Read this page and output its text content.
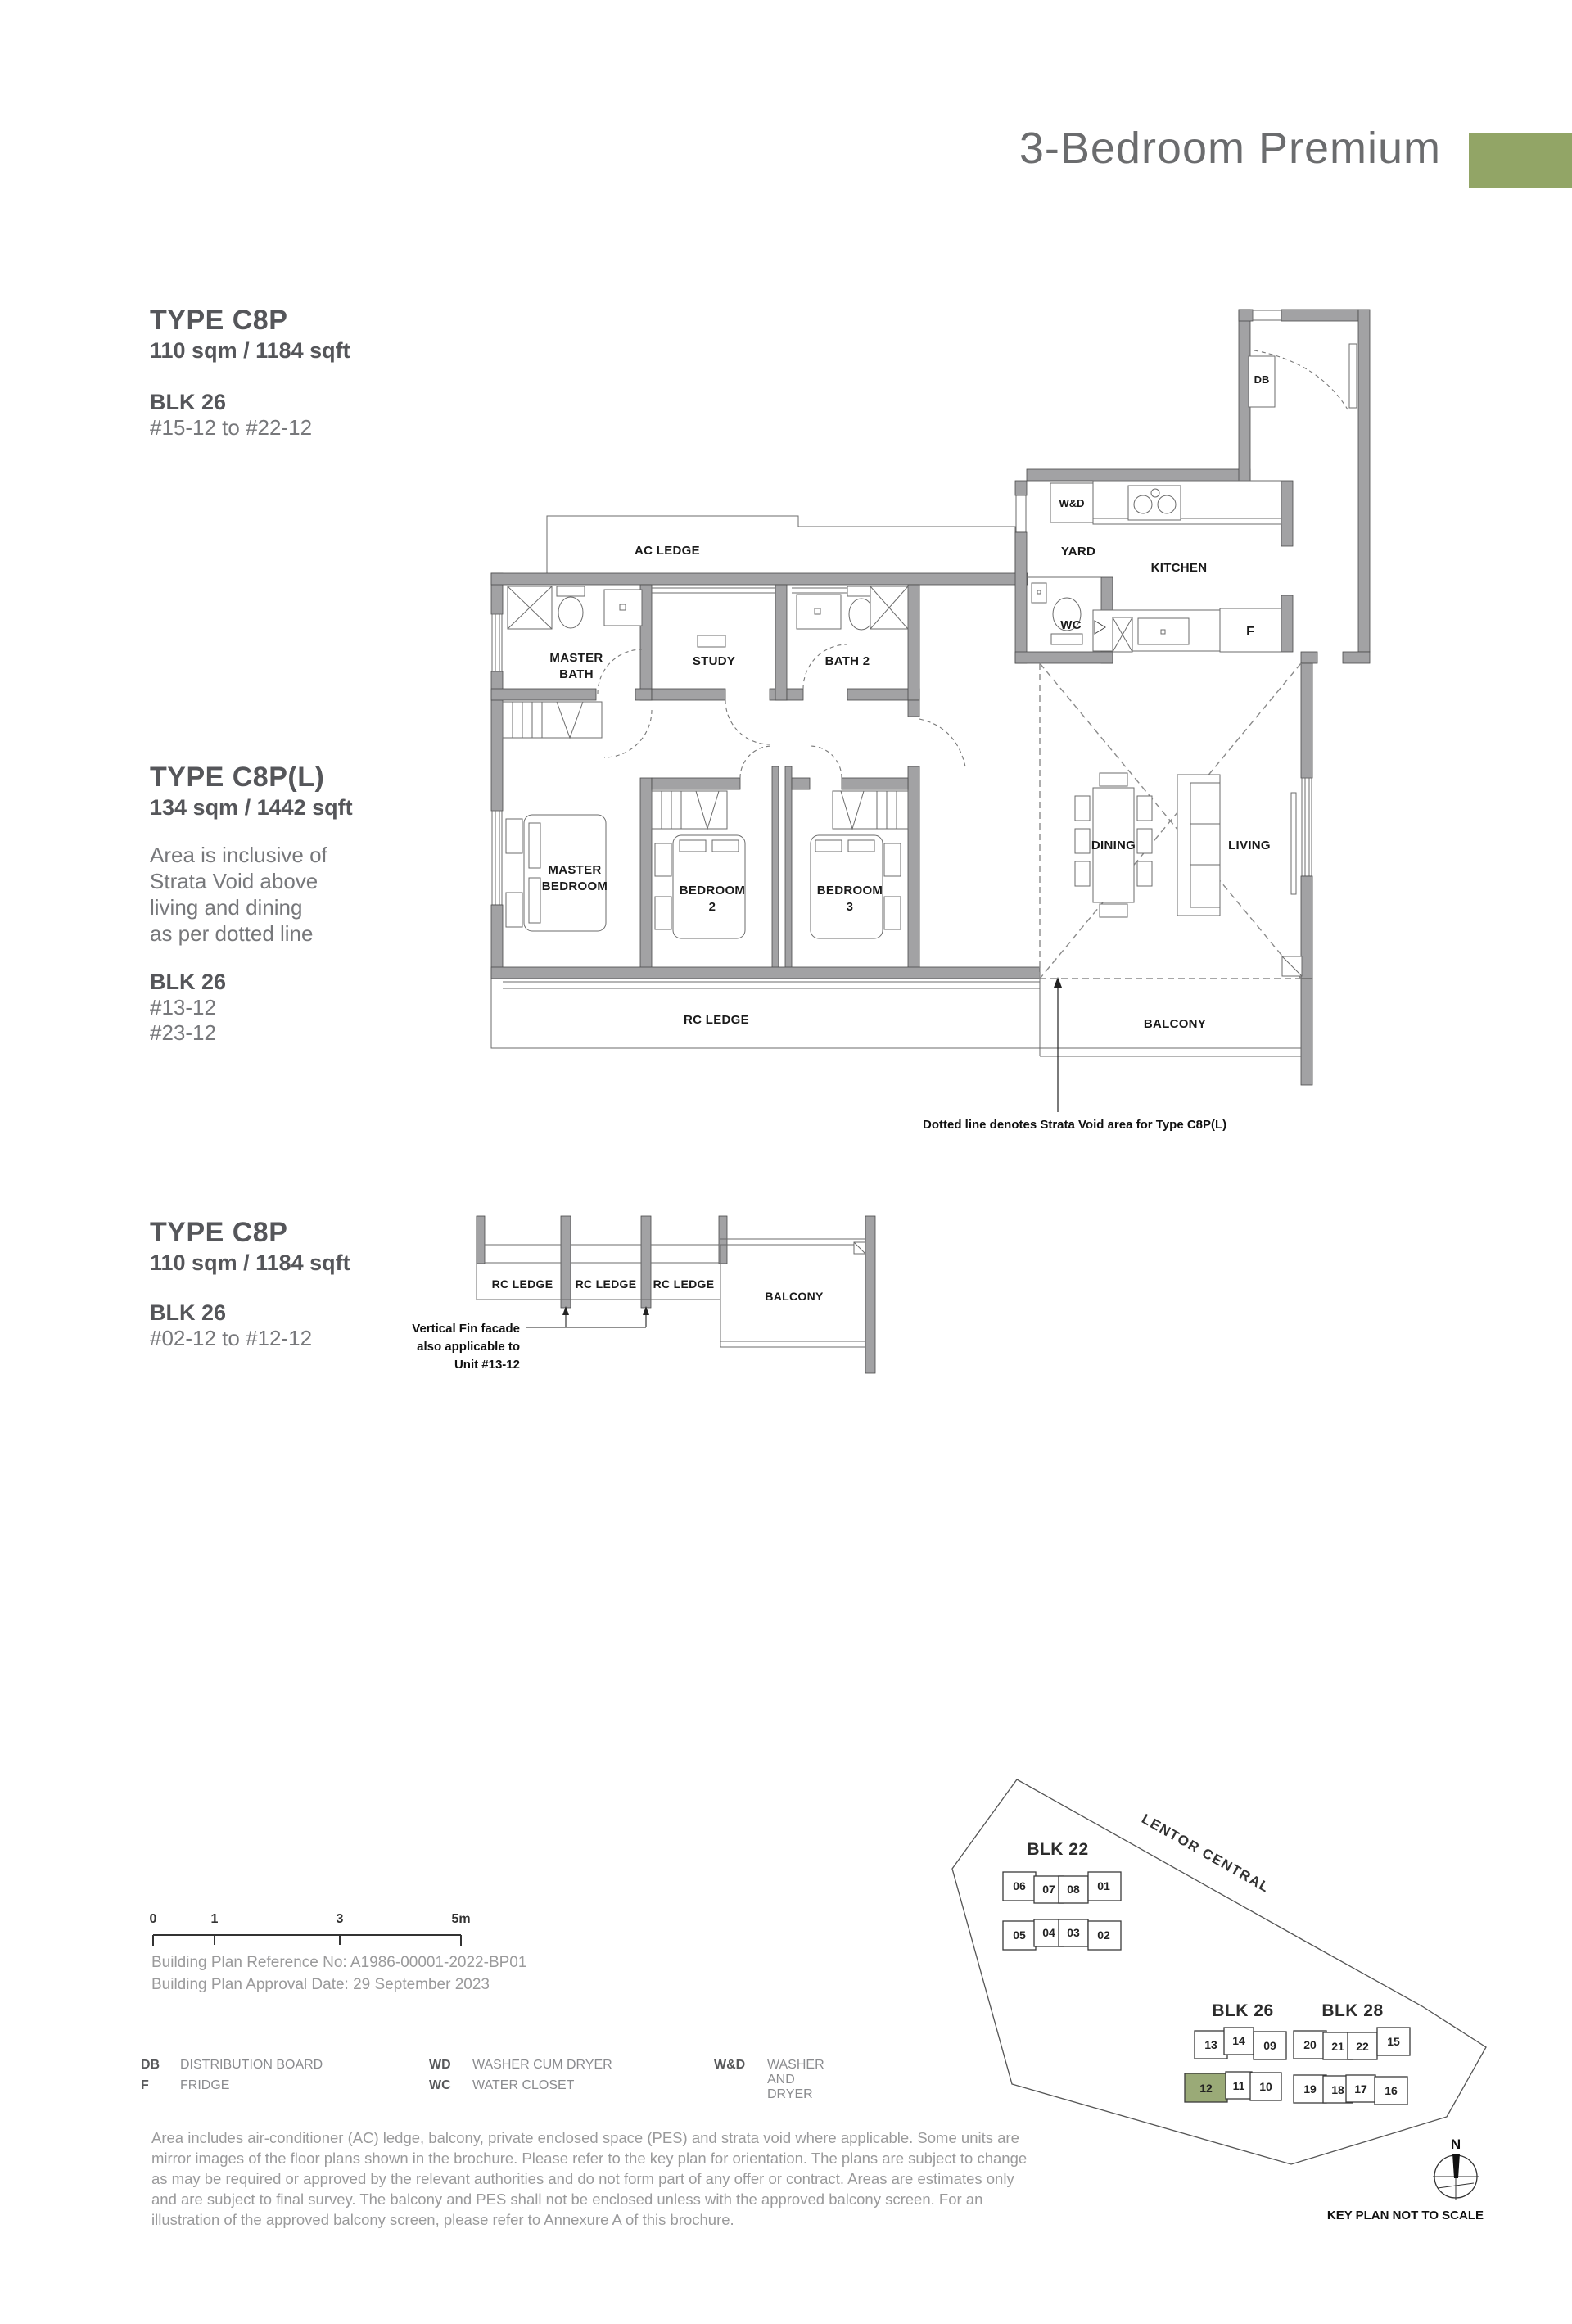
3-Bedroom Premium
TYPE C8P
110 sqm / 1184 sqft
BLK 26
#15-12 to #22-12
TYPE C8P(L)
134 sqm / 1442 sqft
Area is inclusive of
Strata Void above
living and dining
as per dotted line
BLK 26
#13-12
#23-12
TYPE C8P
110 sqm / 1184 sqft
BLK 26
#02-12 to #12-12
AC LEDGE
DB
W&D
F
YARD
KITCHEN
WC
MASTER
BATH
STUDY	BATH 2
MASTER
BEDROOM	BEDROOM
2
BEDROOM
3
DINING	LIVING
RC LEDGE	BALCONY
Dotted line denotes Strata Void area for Type C8P(L)
RC LEDGE RC LEDGE RC LEDGE
BALCONY
Vertical Fin facade
also applicable to
Unit #13-12
0	1	3	5m
Building Plan Reference No: A1986-00001-2022-BP01
Building Plan Approval Date: 29 September 2023
DB DISTRIBUTION BOARD
F FRIDGE
WD WASHER CUM DRYER
WC WATER CLOSET
W&D WASHER AND DRYER
Area includes air-conditioner (AC) ledge, balcony, private enclosed space (PES) and strata void where applicable. Some units are mirror images of the floor plans shown in the brochure. Please refer to the key plan for orientation. The plans are subject to change as may be required or approved by the relevant authorities and do not form part of any offer or contract. Areas are estimates only and are subject to final survey. The balcony and PES shall not be enclosed unless with the approved balcony screen. For an illustration of the approved balcony screen, please refer to Annexure A of this brochure.
LENTOR CENTRAL
BLK 22
06 07 08 01
05 04 03 02
BLK 26
13 14 09
12 11 10
BLK 28
20 21 22 15
19 18 17 16
N
KEY PLAN NOT TO SCALE
